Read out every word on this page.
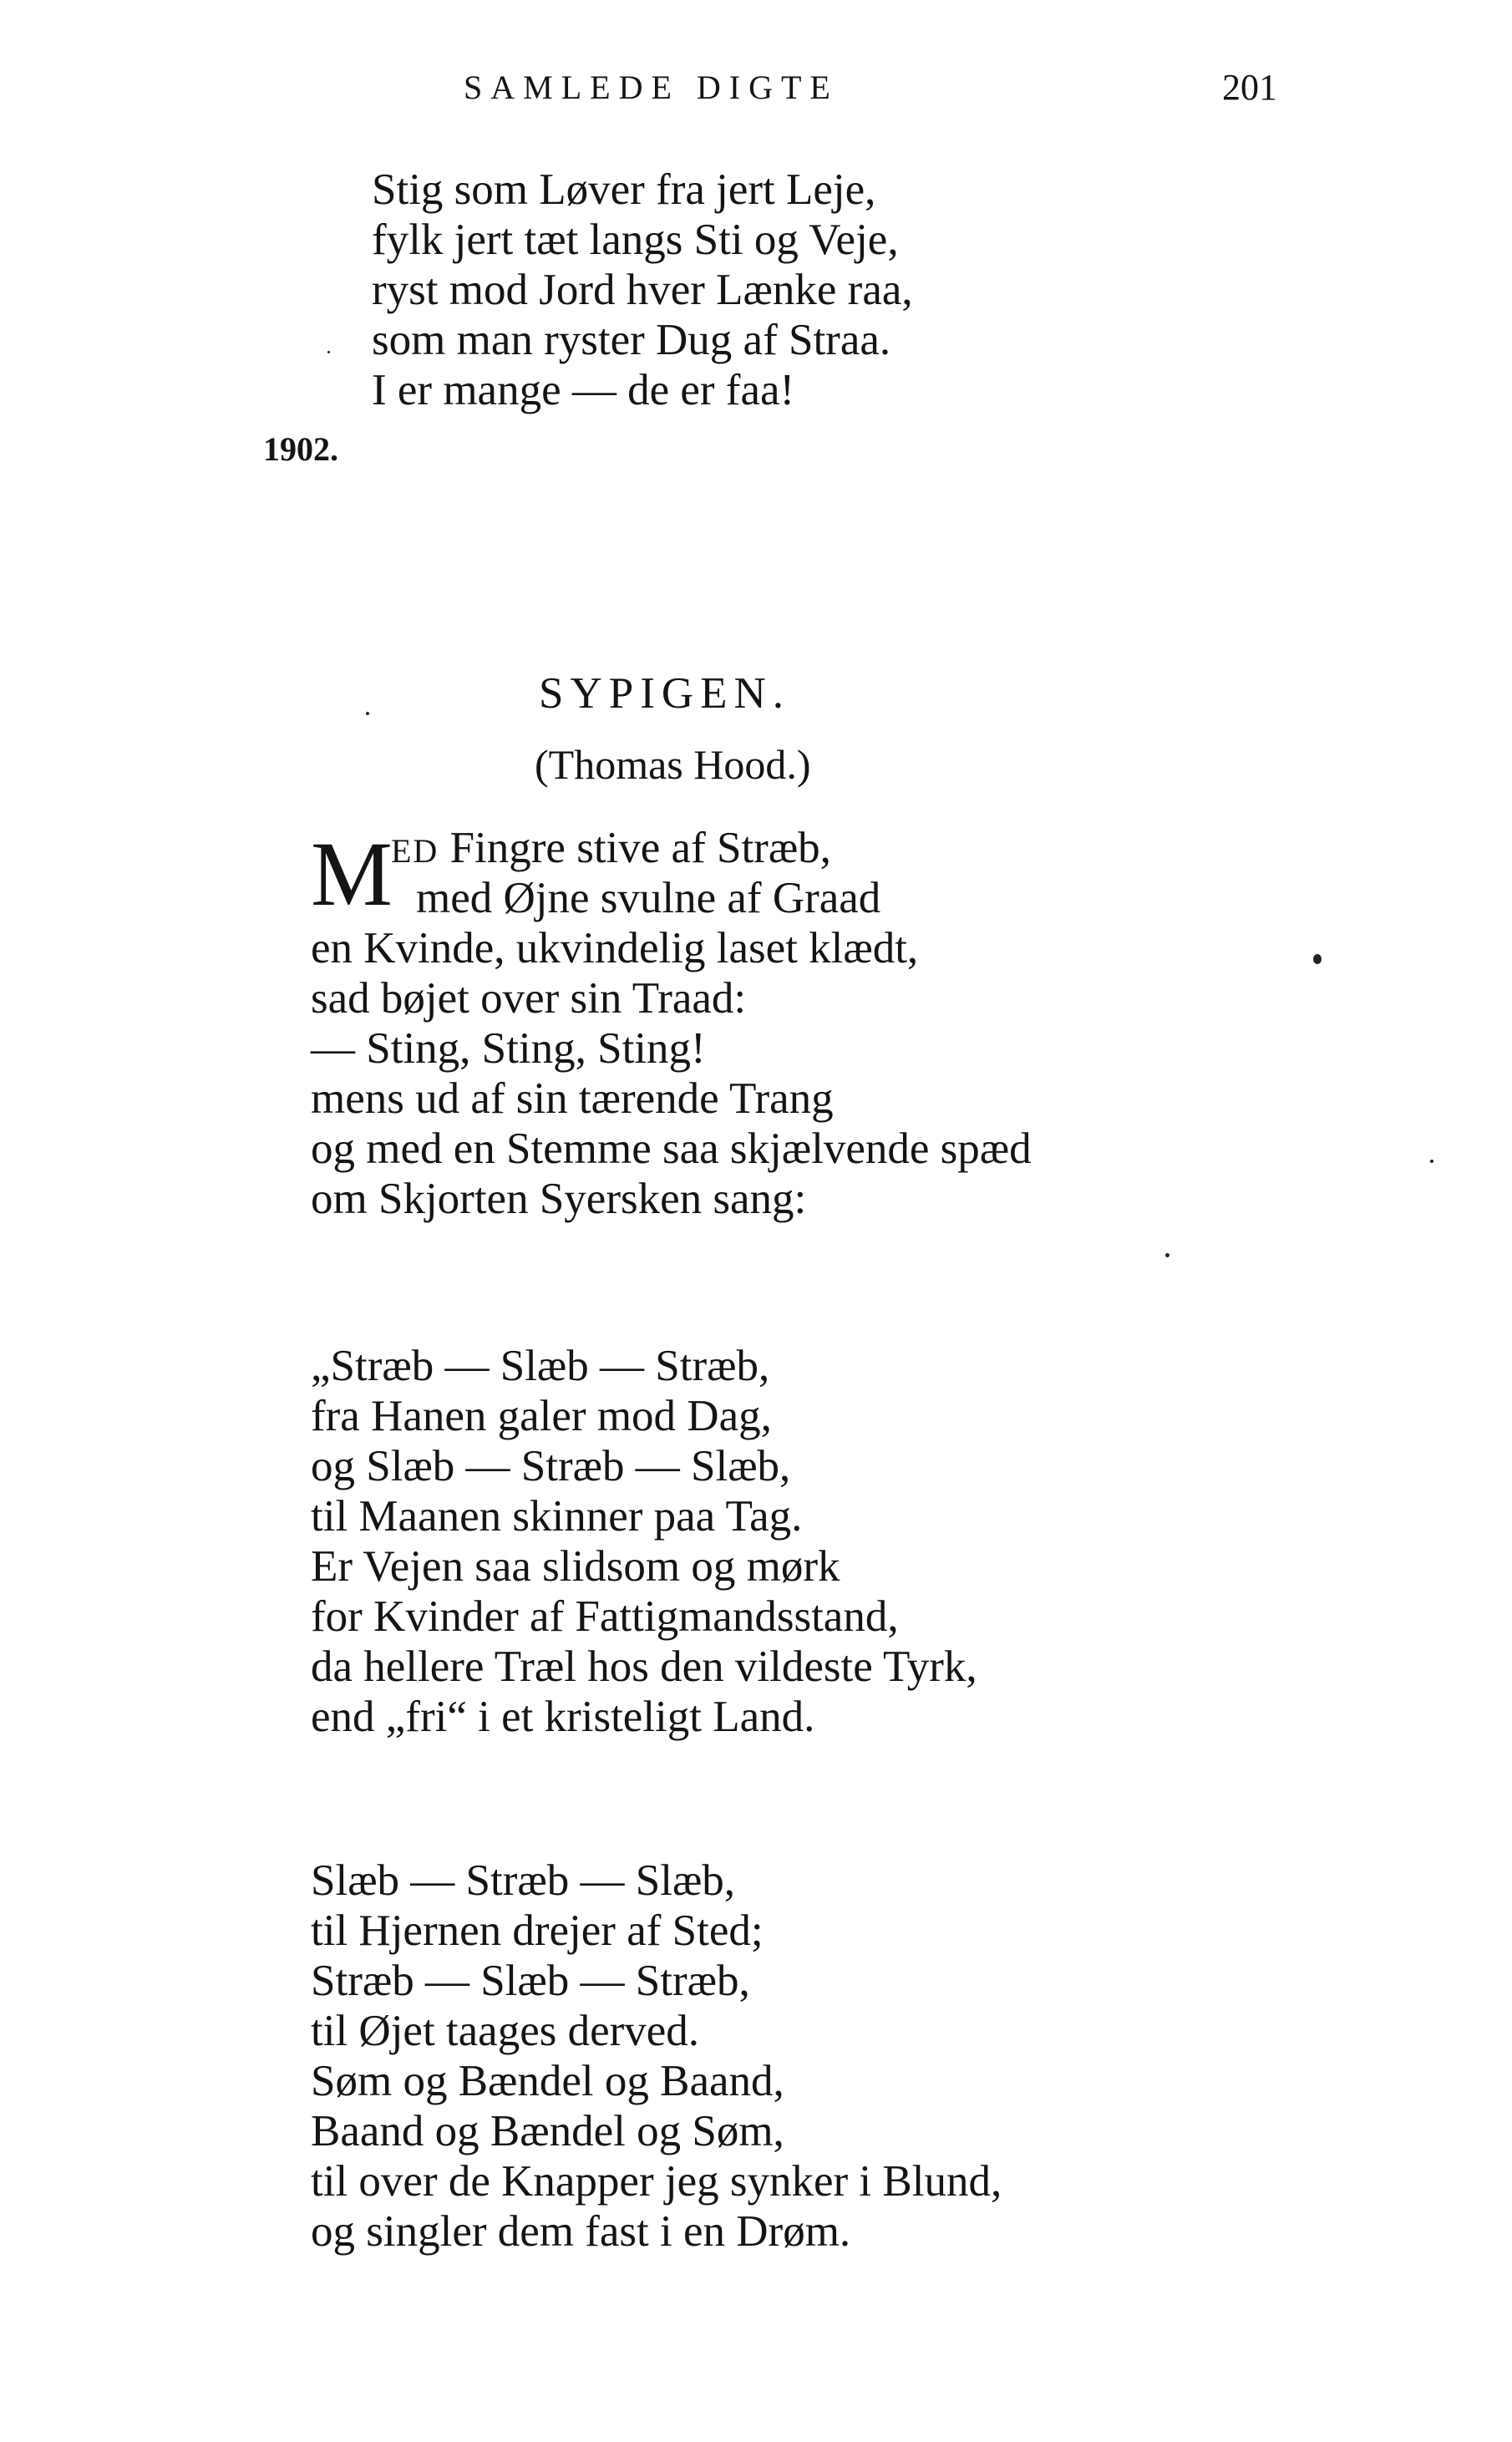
SAMLEDE DIGTE	201
Stig som Løver fra jert Leje,
fylk jert tæt langs Sti og Veje,
ryst mod Jord hver Lænke raa,
som man ryster Dug af Straa.
I er mange — de er faa!
1902.
SYPIGEN.
(Thomas Hood.)
M
ED Fingre stive af Stræb,
med Øjne svulne af Graad
en Kvinde, ukvindelig laset klædt,
sad bøjet over sin Traad:
— Sting, Sting, Sting!
mens ud af sin tærende Trang
og med en Stemme saa skjælvende spæd
om Skjorten Syersken sang:
„Stræb — Slæb — Stræb,
fra Hanen galer mod Dag,
og Slæb — Stræb — Slæb,
til Maanen skinner paa Tag.
Er Vejen saa slidsom og mørk
for Kvinder af Fattigmandsstand,
da hellere Træl hos den vildeste Tyrk,
end „fri“ i et kristeligt Land.
Slæb — Stræb — Slæb,
til Hjernen drejer af Sted;
Stræb — Slæb — Stræb,
til Øjet taages derved.
Søm og Bændel og Baand,
Baand og Bændel og Søm,
til over de Knapper jeg synker i Blund,
og singler dem fast i en Drøm.
